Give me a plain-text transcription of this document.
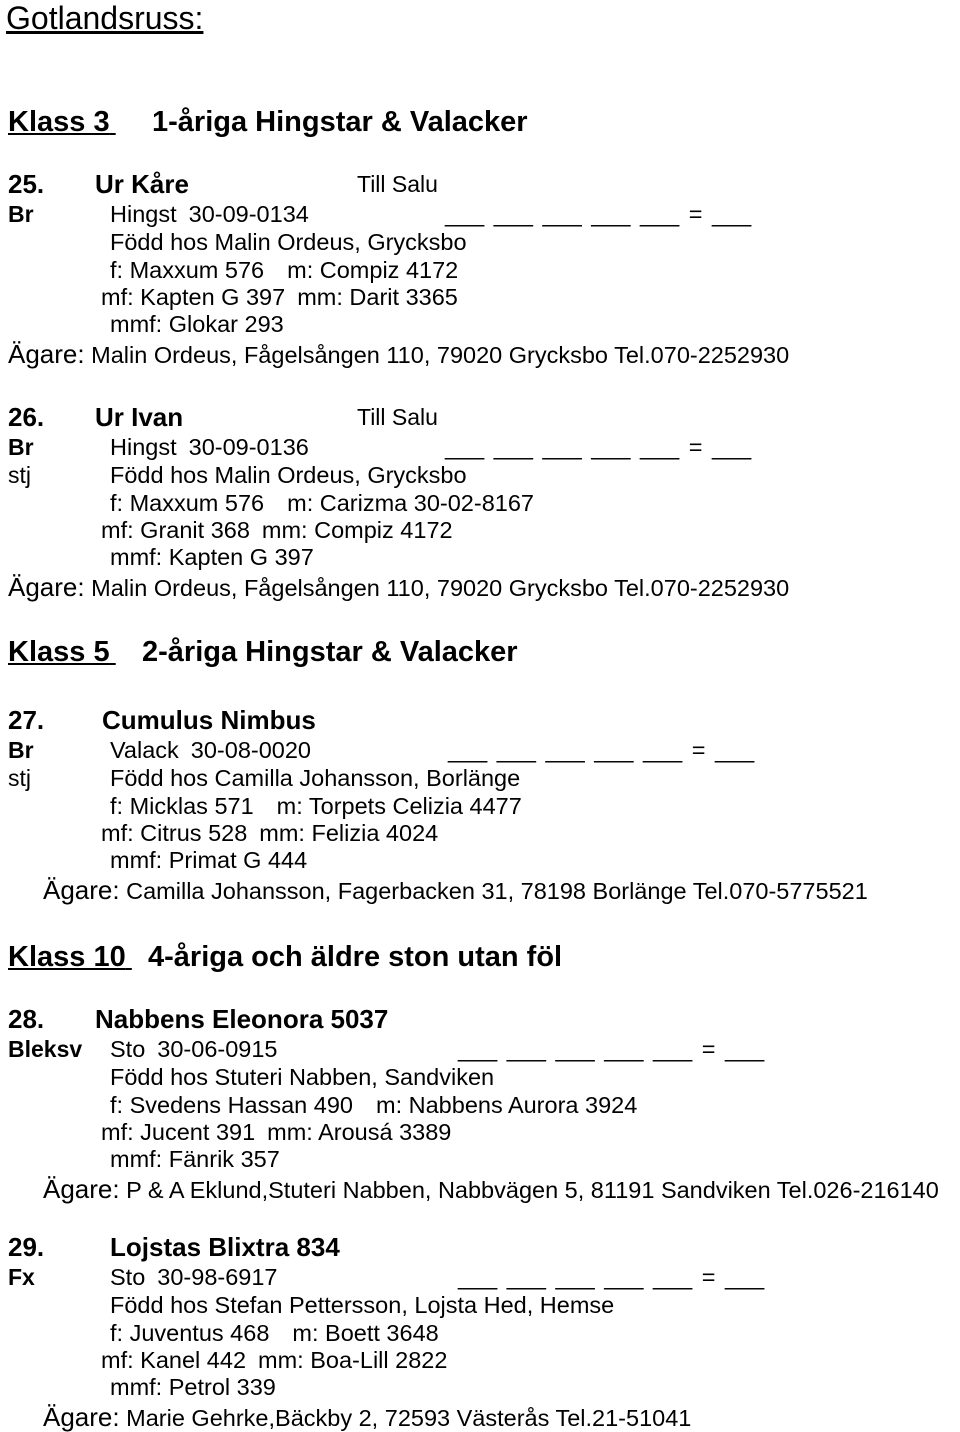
Gotlandsruss:
Klass 3 1-åriga Hingstar & Valacker
25. Ur Kåre	Till Salu
Br	Hingst 30-09-0134	___ ___ ___ ___ ___ = ___
Född hos Malin Ordeus, Grycksbo
f: Maxxum 576 m: Compiz 4172
mf: Kapten G 397 mm: Darit 3365
mmf: Glokar 293
Ägare: Malin Ordeus, Fågelsången 110, 79020 Grycksbo Tel.070-2252930
26. Ur Ivan	Till Salu
Br	Hingst 30-09-0136	___ ___ ___ ___ ___ = ___
stj	Född hos Malin Ordeus, Grycksbo
f: Maxxum 576 m: Carizma 30-02-8167
mf: Granit 368 mm: Compiz 4172
mmf: Kapten G 397
Ägare: Malin Ordeus, Fågelsången 110, 79020 Grycksbo Tel.070-2252930
Klass 5 2-åriga Hingstar & Valacker
27. Cumulus Nimbus
Br	Valack 30-08-0020	___ ___ ___ ___ ___ = ___
stj	Född hos Camilla Johansson, Borlänge
f: Micklas 571 m: Torpets Celizia 4477
mf: Citrus 528 mm: Felizia 4024
mmf: Primat G 444
Ägare: Camilla Johansson, Fagerbacken 31, 78198 Borlänge Tel.070-5775521
Klass 10 4-åriga och äldre ston utan föl
28. Nabbens Eleonora 5037
Bleksv Sto 30-06-0915	___ ___ ___ ___ ___ = ___
Född hos Stuteri Nabben, Sandviken
f: Svedens Hassan 490 m: Nabbens Aurora 3924
mf: Jucent 391 mm: Arousá 3389
mmf: Fänrik 357
Ägare: P & A Eklund,Stuteri Nabben, Nabbvägen 5, 81191 Sandviken Tel.026-216140
29.	Lojstas Blixtra 834
Fx	Sto 30-98-6917	___ ___ ___ ___ ___ = ___
Född hos Stefan Pettersson, Lojsta Hed, Hemse
f: Juventus 468 m: Boett 3648
mf: Kanel 442 mm: Boa-Lill 2822
mmf: Petrol 339
Ägare: Marie Gehrke,Bäckby 2, 72593 Västerås Tel.21-51041
